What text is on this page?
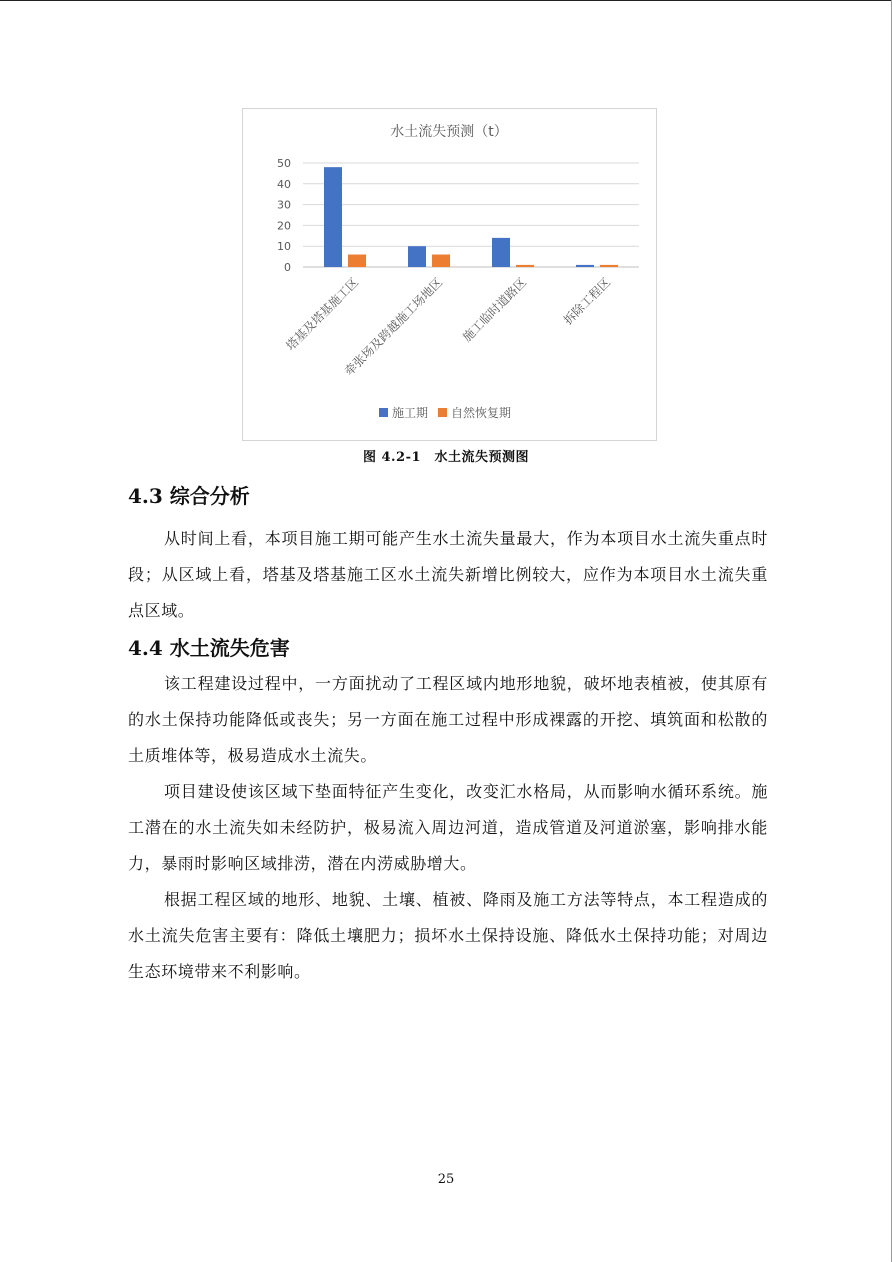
水土流失预测（t）
0
10
20
30
40
50
塔基及塔基施工区
牵张场及跨越施工场地区 施工临时道路区	拆除工程区
施工期 自然恢复期
图 4.2-1　水土流失预测图
4.3 综合分析

从时间上看，本项目施工期可能产生水土流失量最大，作为本项目水土流失重点时段；从区域上看，塔基及塔基施工区水土流失新增比例较大，应作为本项目水土流失重点区域。

4.4 水土流失危害

该工程建设过程中，一方面扰动了工程区域内地形地貌，破坏地表植被，使其原有的水土保持功能降低或丧失；另一方面在施工过程中形成裸露的开挖、填筑面和松散的土质堆体等，极易造成水土流失。

项目建设使该区域下垫面特征产生变化，改变汇水格局，从而影响水循环系统。施工潜在的水土流失如未经防护，极易流入周边河道，造成管道及河道淤塞，影响排水能力，暴雨时影响区域排涝，潜在内涝威胁增大。

根据工程区域的地形、地貌、土壤、植被、降雨及施工方法等特点，本工程造成的水土流失危害主要有：降低土壤肥力；损坏水土保持设施、降低水土保持功能；对周边生态环境带来不利影响。

25
